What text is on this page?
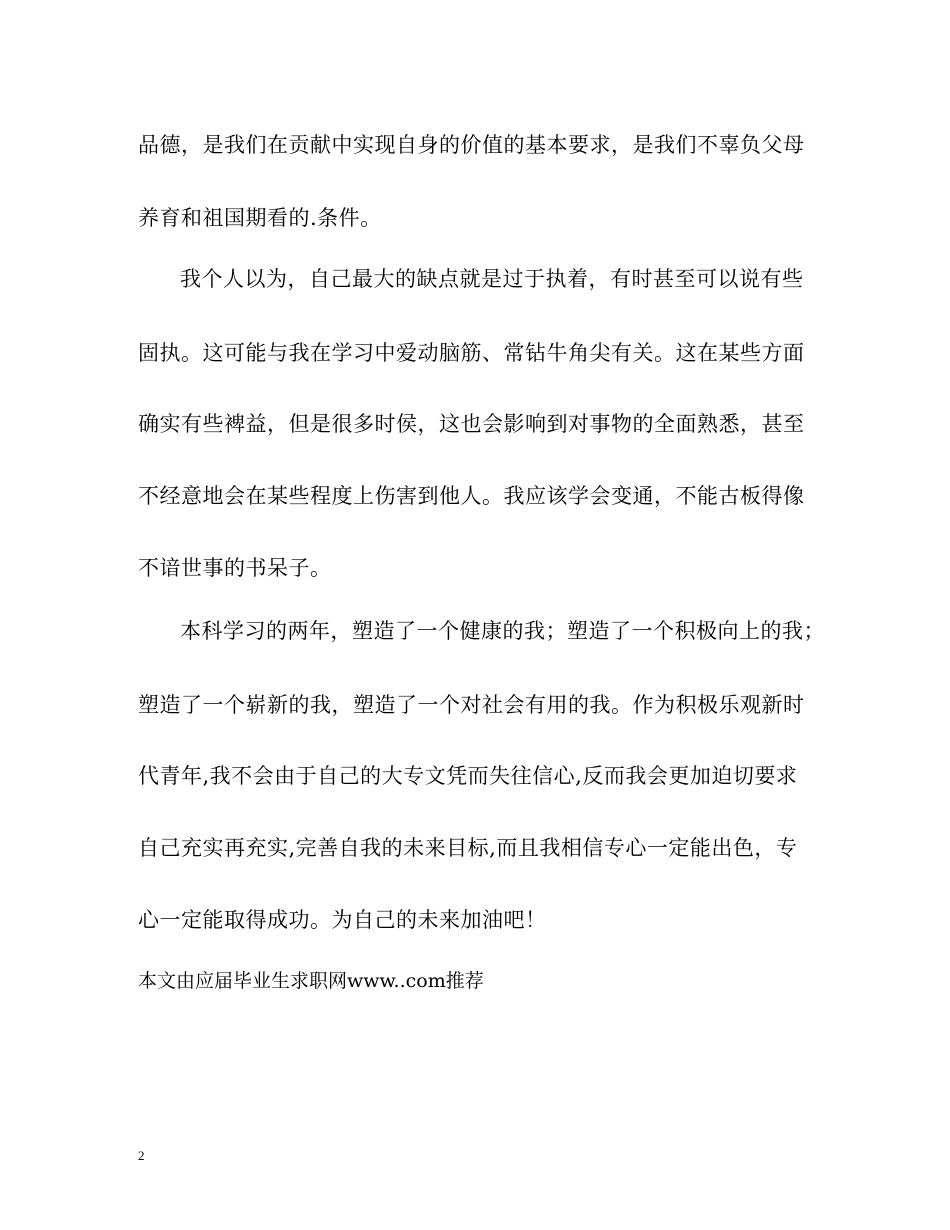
品德，是我们在贡献中实现自身的价值的基本要求，是我们不辜负父母
养育和祖国期看的.条件。
我个人以为，自己最大的缺点就是过于执着，有时甚至可以说有些
固执。这可能与我在学习中爱动脑筋、常钻牛角尖有关。这在某些方面
确实有些裨益，但是很多时侯，这也会影响到对事物的全面熟悉，甚至
不经意地会在某些程度上伤害到他人。我应该学会变通，不能古板得像
不谙世事的书呆子。
本科学习的两年，塑造了一个健康的我；塑造了一个积极向上的我；
塑造了一个崭新的我，塑造了一个对社会有用的我。作为积极乐观新时
代青年,我不会由于自己的大专文凭而失往信心,反而我会更加迫切要求
自己充实再充实,完善自我的未来目标,而且我相信专心一定能出色，专
心一定能取得成功。为自己的未来加油吧！
本文由应届毕业生求职网www..com推荐
2
